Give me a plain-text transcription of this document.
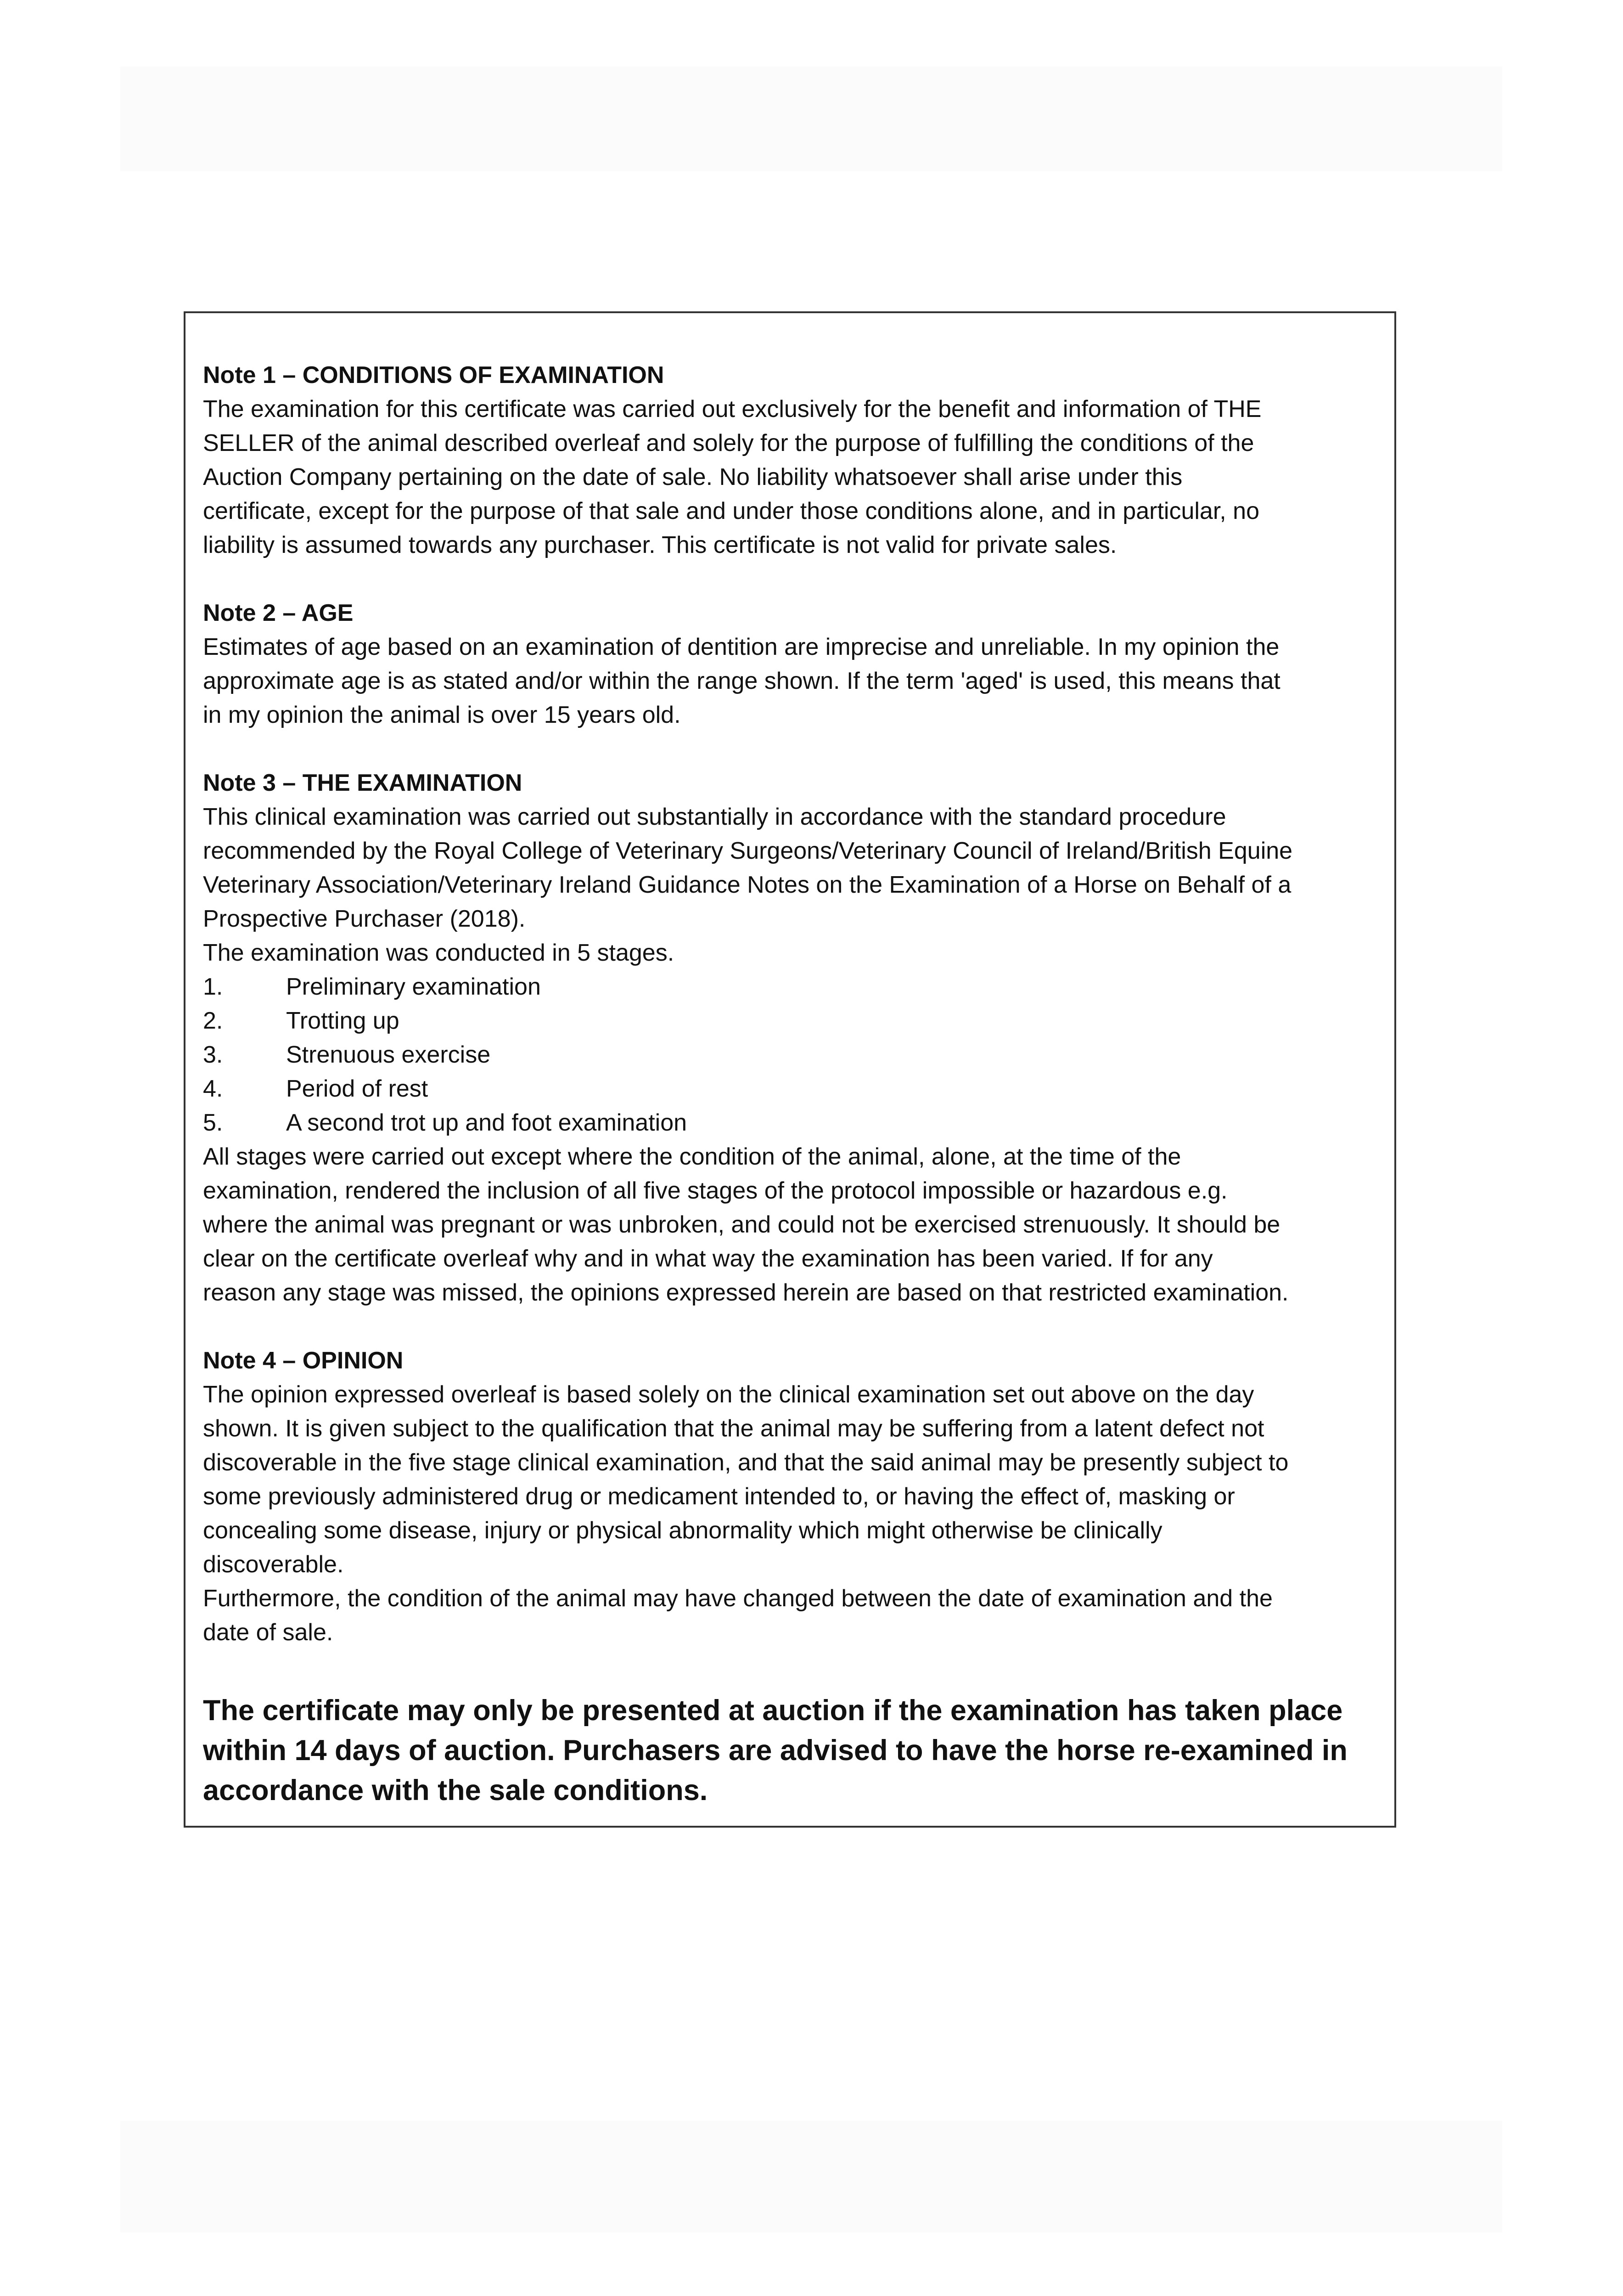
Note 1 – CONDITIONS OF EXAMINATION

The examination for this certificate was carried out exclusively for the benefit and information of THE

SELLER of the animal described overleaf and solely for the purpose of fulfilling the conditions of the

Auction Company pertaining on the date of sale. No liability whatsoever shall arise under this

certificate, except for the purpose of that sale and under those conditions alone, and in particular, no

liability is assumed towards any purchaser. This certificate is not valid for private sales.

Note 2 – AGE

Estimates of age based on an examination of dentition are imprecise and unreliable. In my opinion the

approximate age is as stated and/or within the range shown. If the term 'aged' is used, this means that

in my opinion the animal is over 15 years old.

Note 3 – THE EXAMINATION

This clinical examination was carried out substantially in accordance with the standard procedure

recommended by the Royal College of Veterinary Surgeons/Veterinary Council of Ireland/British Equine

Veterinary Association/Veterinary Ireland Guidance Notes on the Examination of a Horse on Behalf of a

Prospective Purchaser (2018).

The examination was conducted in 5 stages.

1.	Preliminary examination
2.	Trotting up
3.	Strenuous exercise
4.	Period of rest
5.	A second trot up and foot examination

All stages were carried out except where the condition of the animal, alone, at the time of the

examination, rendered the inclusion of all five stages of the protocol impossible or hazardous e.g.

where the animal was pregnant or was unbroken, and could not be exercised strenuously. It should be

clear on the certificate overleaf why and in what way the examination has been varied. If for any

reason any stage was missed, the opinions expressed herein are based on that restricted examination.

Note 4 – OPINION

The opinion expressed overleaf is based solely on the clinical examination set out above on the day

shown. It is given subject to the qualification that the animal may be suffering from a latent defect not

discoverable in the five stage clinical examination, and that the said animal may be presently subject to

some previously administered drug or medicament intended to, or having the effect of, masking or

concealing some disease, injury or physical abnormality which might otherwise be clinically

discoverable.

Furthermore, the condition of the animal may have changed between the date of examination and the

date of sale.

The certificate may only be presented at auction if the examination has taken place

within 14 days of auction. Purchasers are advised to have the horse re-examined in

accordance with the sale conditions.
